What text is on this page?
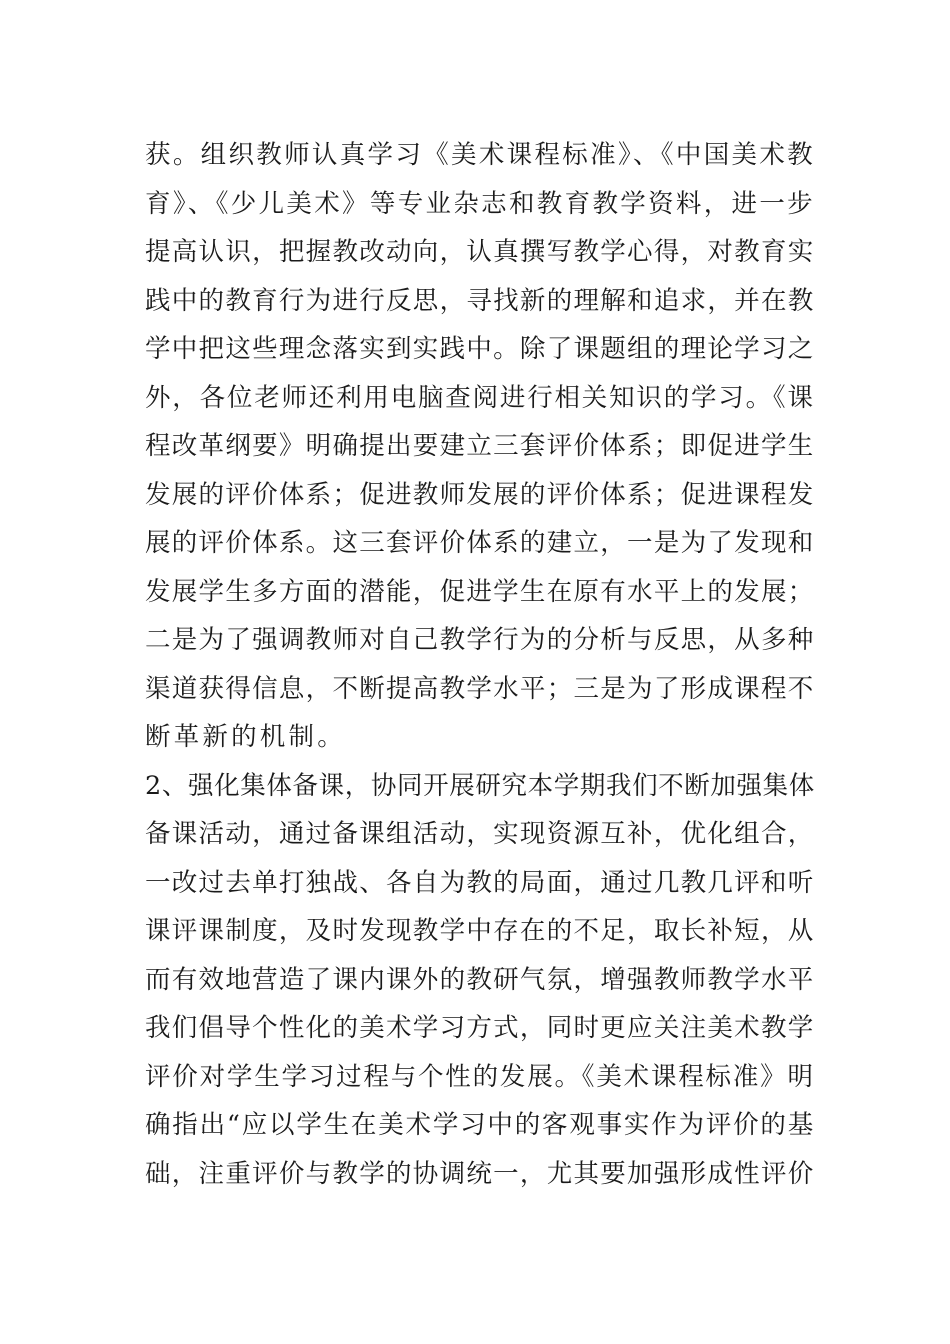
获。组织教师认真学习《美术课程标准》、《中国美术教
育》、《少儿美术》等专业杂志和教育教学资料，进一步
提高认识，把握教改动向，认真撰写教学心得，对教育实
践中的教育行为进行反思，寻找新的理解和追求，并在教
学中把这些理念落实到实践中。除了课题组的理论学习之
外，各位老师还利用电脑查阅进行相关知识的学习。《课
程改革纲要》明确提出要建立三套评价体系；即促进学生
发展的评价体系；促进教师发展的评价体系；促进课程发
展的评价体系。这三套评价体系的建立，一是为了发现和
发展学生多方面的潜能，促进学生在原有水平上的发展；
二是为了强调教师对自己教学行为的分析与反思，从多种
渠道获得信息，不断提高教学水平；三是为了形成课程不
断革新的机制。
2、强化集体备课，协同开展研究本学期我们不断加强集体
备课活动，通过备课组活动，实现资源互补，优化组合，
一改过去单打独战、各自为教的局面，通过几教几评和听
课评课制度，及时发现教学中存在的不足，取长补短，从
而有效地营造了课内课外的教研气氛，增强教师教学水平
我们倡导个性化的美术学习方式，同时更应关注美术教学
评价对学生学习过程与个性的发展。《美术课程标准》明
确指出“应以学生在美术学习中的客观事实作为评价的基
础，注重评价与教学的协调统一，尤其要加强形成性评价
